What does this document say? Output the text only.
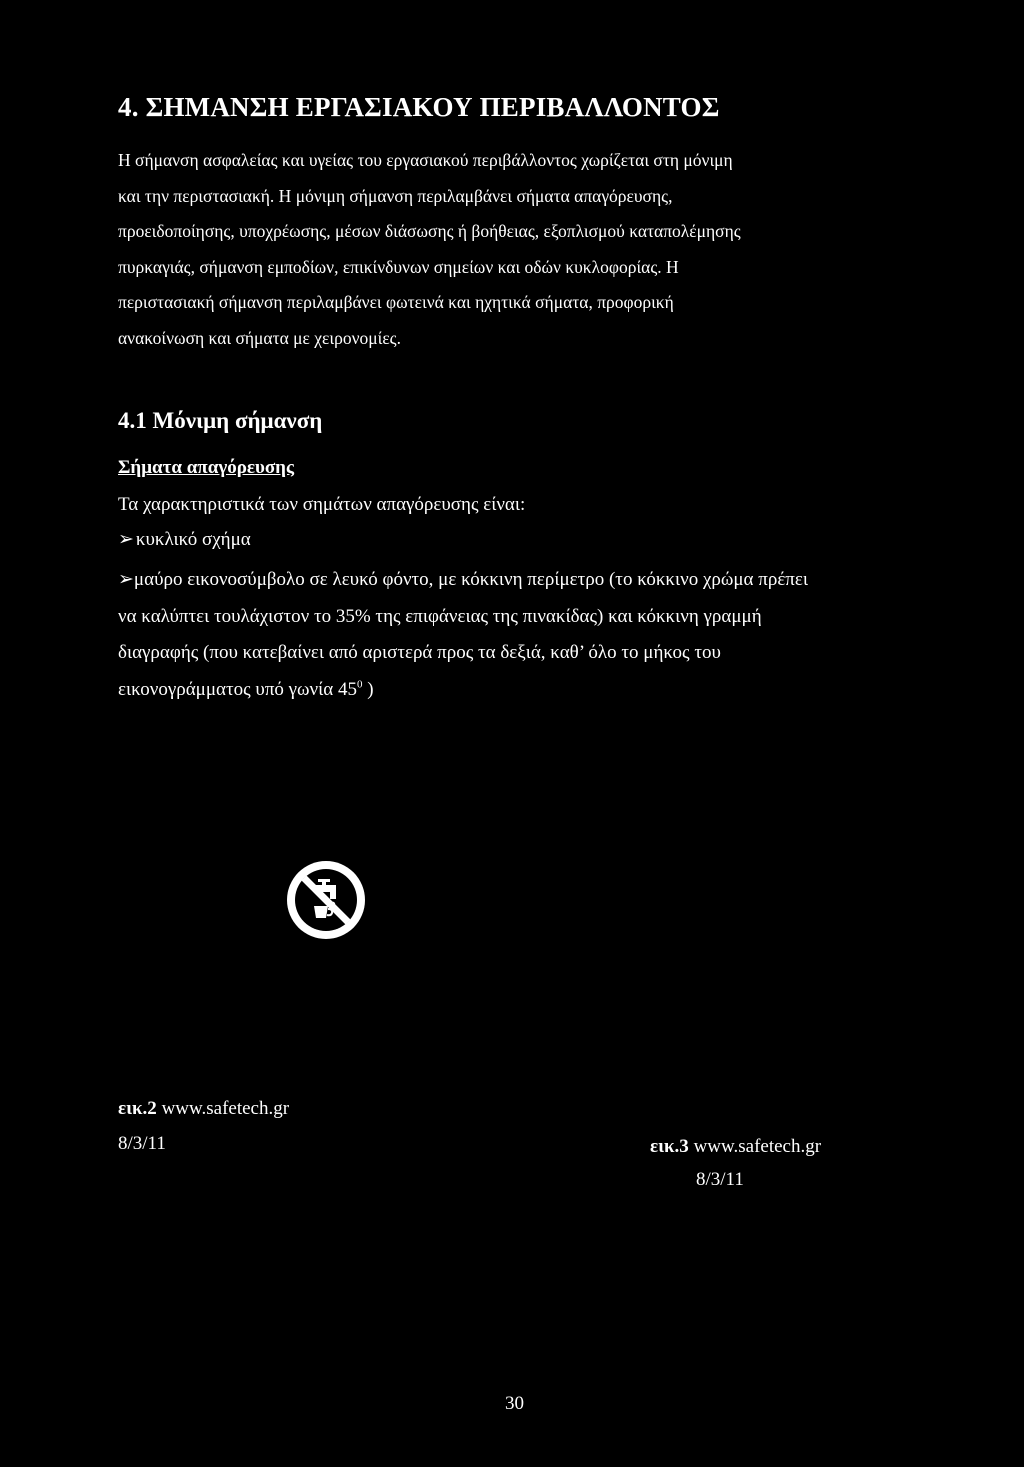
4. ΣΗΜΑΝΣΗ ΕΡΓΑΣΙΑΚΟΥ ΠΕΡΙΒΑΛΛΟΝΤΟΣ
Η σήμανση ασφαλείας και υγείας του εργασιακού περιβάλλοντος χωρίζεται στη μόνιμη
και την περιστασιακή. Η μόνιμη σήμανση περιλαμβάνει σήματα απαγόρευσης,
προειδοποίησης, υποχρέωσης, μέσων διάσωσης ή βοήθειας, εξοπλισμού καταπολέμησης
πυρκαγιάς, σήμανση εμποδίων, επικίνδυνων σημείων και οδών κυκλοφορίας. Η
περιστασιακή σήμανση περιλαμβάνει φωτεινά και ηχητικά σήματα, προφορική
ανακοίνωση και σήματα με χειρονομίες.
4.1 Μόνιμη σήμανση
Σήματα απαγόρευσης
Τα χαρακτηριστικά των σημάτων απαγόρευσης είναι:
➢ κυκλικό σχήμα
➢μαύρο εικονοσύμβολο σε λευκό φόντο, με κόκκινη περίμετρο (το κόκκινο χρώμα πρέπει
να καλύπτει τουλάχιστον το 35% της επιφάνειας της πινακίδας) και κόκκινη γραμμή
διαγραφής (που κατεβαίνει από αριστερά προς τα δεξιά, καθ’ όλο το μήκος του
εικονογράμματος υπό γωνία $45^0$ )
εικ.2 www.safetech.gr
8/3/11	εικ.3 www.safetech.gr
8/3/11
30
